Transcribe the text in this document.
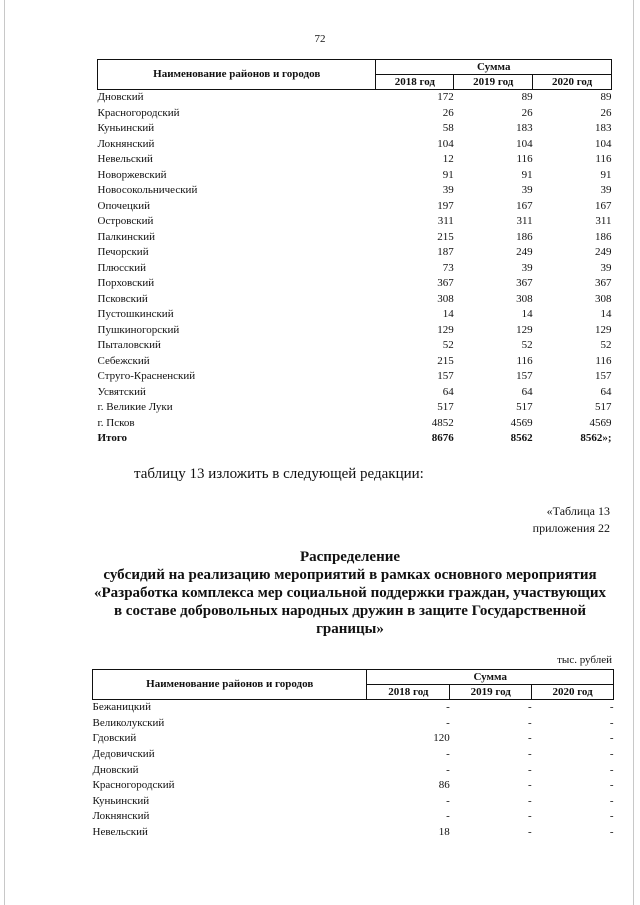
72
Наименование районов и городов	Сумма		
	2018 год	2019 год	2020 год
Дновский	172	89	89
Красногородский	26	26	26
Куньинский	58	183	183
Локнянский	104	104	104
Невельский	12	116	116
Новоржевский	91	91	91
Новосокольнический	39	39	39
Опочецкий	197	167	167
Островский	311	311	311
Палкинский	215	186	186
Печорский	187	249	249
Плюсский	73	39	39
Порховский	367	367	367
Псковский	308	308	308
Пустошкинский	14	14	14
Пушкиногорский	129	129	129
Пыталовский	52	52	52
Себежский	215	116	116
Струго-Красненский	157	157	157
Усвятский	64	64	64
г. Великие Луки	517	517	517
г. Псков	4852	4569	4569
Итого	8676	8562	8562»;
таблицу 13 изложить в следующей редакции:
«Таблица 13
приложения 22
Распределение
субсидий на реализацию мероприятий в рамках основного мероприятия
«Разработка комплекса мер социальной поддержки граждан, участвующих
в составе добровольных народных дружин в защите Государственной
границы»
тыс. рублей
Наименование районов и городов	Сумма		
	2018 год	2019 год	2020 год
Бежаницкий	-	-	-
Великолукский	-	-	-
Гдовский	120	-	-
Дедовичский	-	-	-
Дновский	-	-	-
Красногородский	86	-	-
Куньинский	-	-	-
Локнянский	-	-	-
Невельский	18	-	-
